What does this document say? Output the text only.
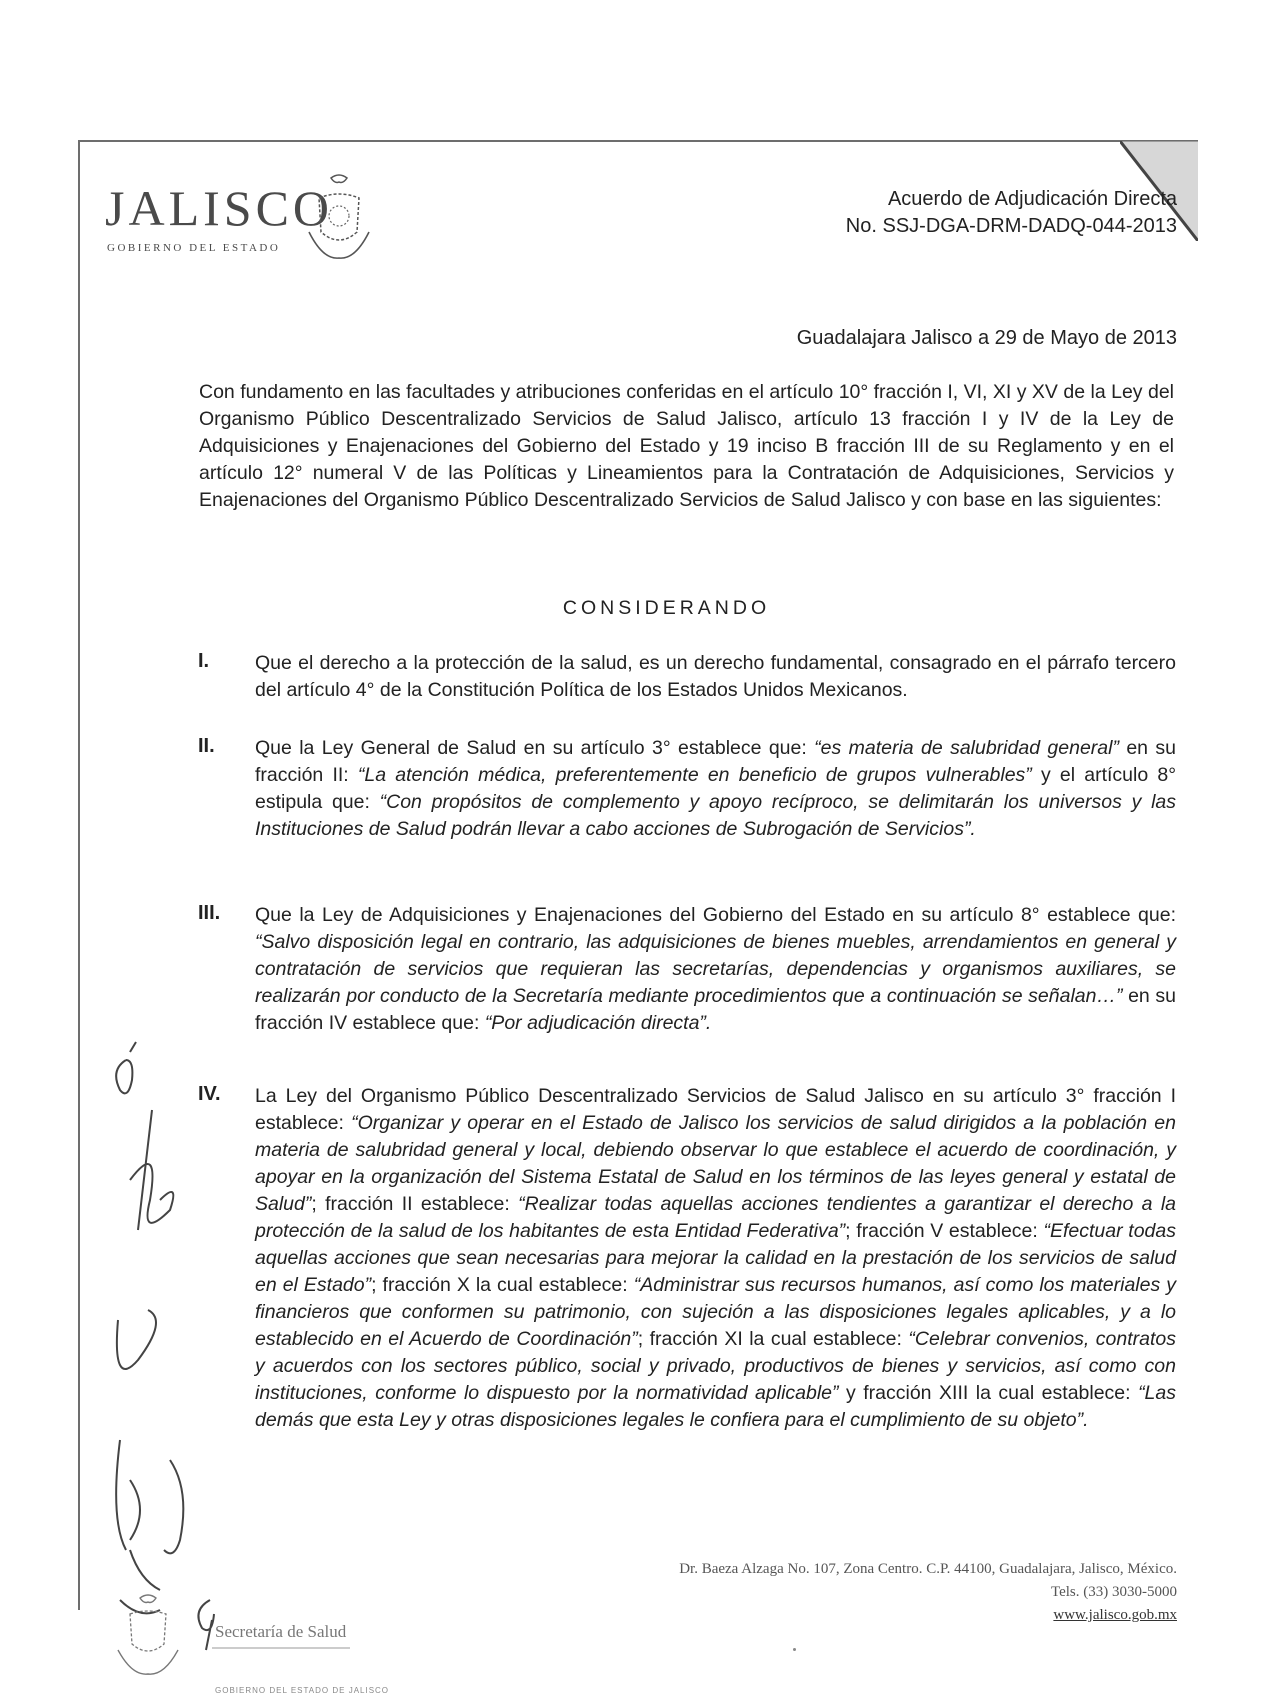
JALISCO
GOBIERNO DEL ESTADO
Acuerdo de Adjudicación Directa
No. SSJ-DGA-DRM-DADQ-044-2013
Guadalajara Jalisco a 29 de Mayo de 2013
Con fundamento en las facultades y atribuciones conferidas en el artículo 10° fracción I, VI, XI y XV de la Ley del Organismo Público Descentralizado Servicios de Salud Jalisco, artículo 13 fracción I y IV de la Ley de Adquisiciones y Enajenaciones del Gobierno del Estado y 19 inciso B fracción III de su Reglamento y en el artículo 12° numeral V de las Políticas y Lineamientos para la Contratación de Adquisiciones, Servicios y Enajenaciones del Organismo Público Descentralizado Servicios de Salud Jalisco y con base en las siguientes:
CONSIDERANDO
I. Que el derecho a la protección de la salud, es un derecho fundamental, consagrado en el párrafo tercero del artículo 4° de la Constitución Política de los Estados Unidos Mexicanos.
II. Que la Ley General de Salud en su artículo 3° establece que: “es materia de salubridad general” en su fracción II: “La atención médica, preferentemente en beneficio de grupos vulnerables” y el artículo 8° estipula que: “Con propósitos de complemento y apoyo recíproco, se delimitarán los universos y las Instituciones de Salud podrán llevar a cabo acciones de Subrogación de Servicios”.
III. Que la Ley de Adquisiciones y Enajenaciones del Gobierno del Estado en su artículo 8° establece que: “Salvo disposición legal en contrario, las adquisiciones de bienes muebles, arrendamientos en general y contratación de servicios que requieran las secretarías, dependencias y organismos auxiliares, se realizarán por conducto de la Secretaría mediante procedimientos que a continuación se señalan…” en su fracción IV establece que: “Por adjudicación directa”.
IV. La Ley del Organismo Público Descentralizado Servicios de Salud Jalisco en su artículo 3° fracción I establece: “Organizar y operar en el Estado de Jalisco los servicios de salud dirigidos a la población en materia de salubridad general y local, debiendo observar lo que establece el acuerdo de coordinación, y apoyar en la organización del Sistema Estatal de Salud en los términos de las leyes general y estatal de Salud”; fracción II establece: “Realizar todas aquellas acciones tendientes a garantizar el derecho a la protección de la salud de los habitantes de esta Entidad Federativa”; fracción V establece: “Efectuar todas aquellas acciones que sean necesarias para mejorar la calidad en la prestación de los servicios de salud en el Estado”; fracción X la cual establece: “Administrar sus recursos humanos, así como los materiales y financieros que conformen su patrimonio, con sujeción a las disposiciones legales aplicables, y a lo establecido en el Acuerdo de Coordinación”; fracción XI la cual establece: “Celebrar convenios, contratos y acuerdos con los sectores público, social y privado, productivos de bienes y servicios, así como con instituciones, conforme lo dispuesto por la normatividad aplicable” y fracción XIII la cual establece: “Las demás que esta Ley y otras disposiciones legales le confiera para el cumplimiento de su objeto”.
Dr. Baeza Alzaga No. 107, Zona Centro. C.P. 44100, Guadalajara, Jalisco, México.
Tels. (33) 3030-5000
www.jalisco.gob.mx
Secretaría de Salud
GOBIERNO DEL ESTADO DE JALISCO
